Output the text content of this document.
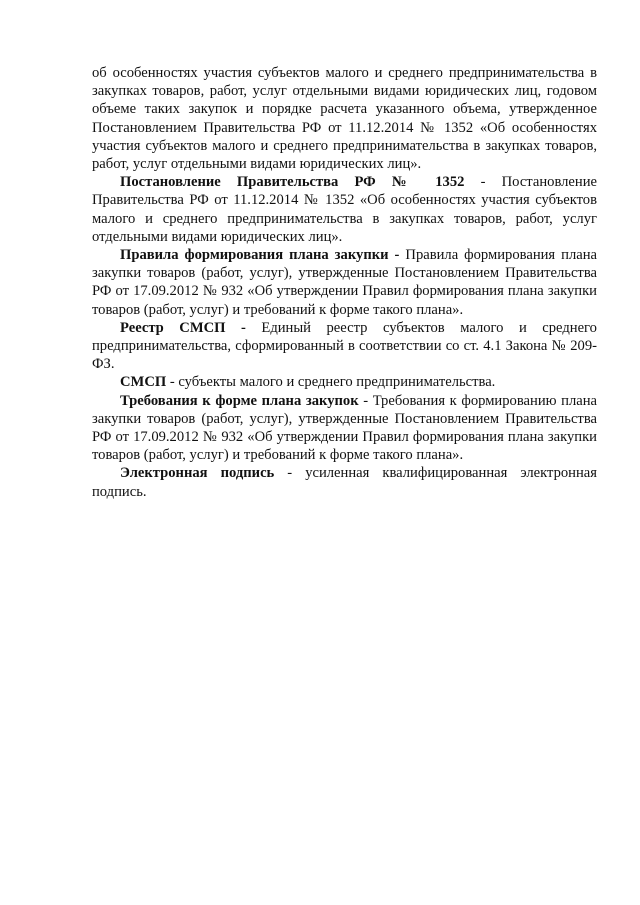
об особенностях участия субъектов малого и среднего предпринимательства в закупках товаров, работ, услуг отдельными видами юридических лиц, годовом объеме таких закупок и порядке расчета указанного объема, утвержденное Постановлением Правительства РФ от 11.12.2014 № 1352 «Об особенностях участия субъектов малого и среднего предпринимательства в закупках товаров, работ, услуг отдельными видами юридических лиц».

Постановление Правительства РФ № 1352 - Постановление Правительства РФ от 11.12.2014 № 1352 «Об особенностях участия субъектов малого и среднего предпринимательства в закупках товаров, работ, услуг отдельными видами юридических лиц».

Правила формирования плана закупки - Правила формирования плана закупки товаров (работ, услуг), утвержденные Постановлением Правительства РФ от 17.09.2012 № 932 «Об утверждении Правил формирования плана закупки товаров (работ, услуг) и требований к форме такого плана».

Реестр СМСП - Единый реестр субъектов малого и среднего предпринимательства, сформированный в соответствии со ст. 4.1 Закона № 209-ФЗ.

СМСП - субъекты малого и среднего предпринимательства.

Требования к форме плана закупок - Требования к формированию плана закупки товаров (работ, услуг), утвержденные Постановлением Правительства РФ от 17.09.2012 № 932 «Об утверждении Правил формирования плана закупки товаров (работ, услуг) и требований к форме такого плана».

Электронная подпись - усиленная квалифицированная электронная подпись.
